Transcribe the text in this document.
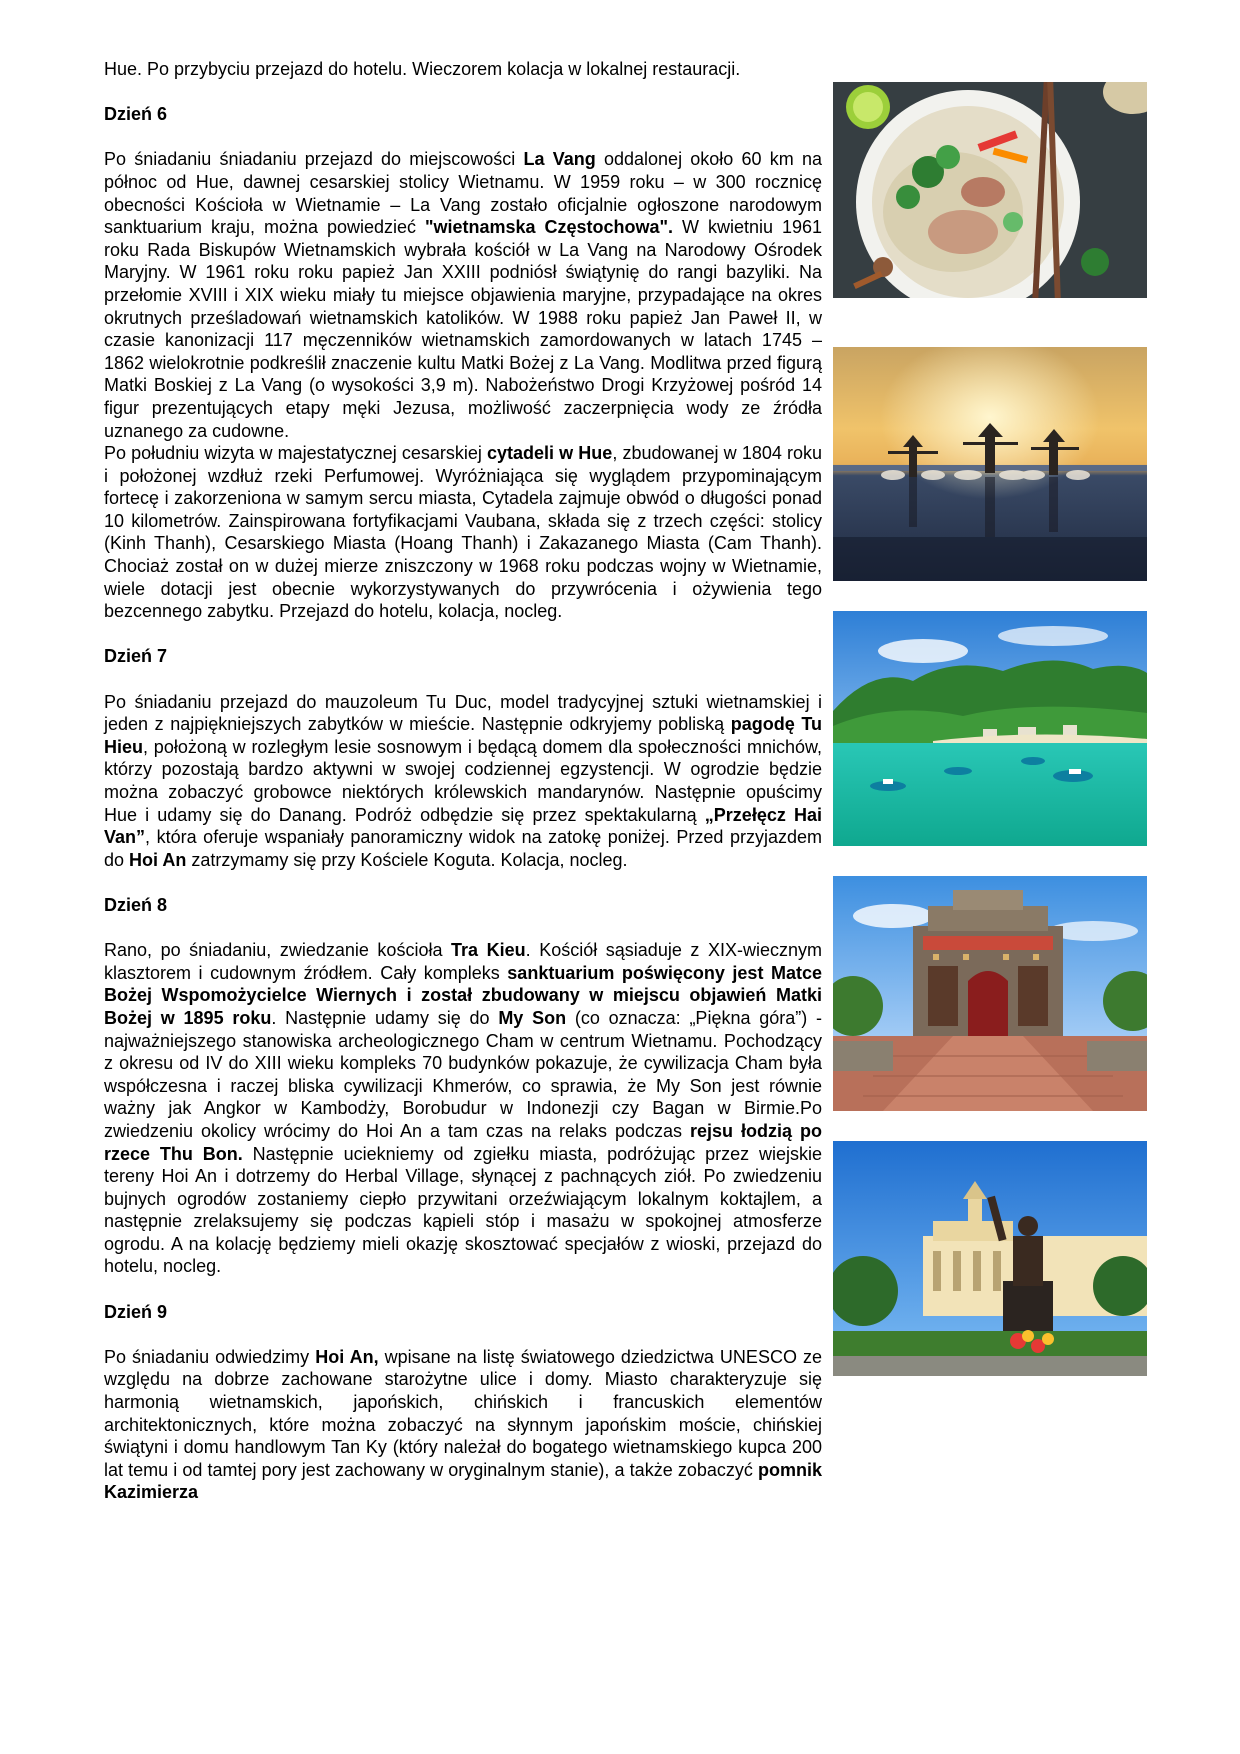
Hue. Po przybyciu przejazd do hotelu. Wieczorem kolacja w lokalnej restauracji.

Dzień 6

Po śniadaniu śniadaniu przejazd do miejscowości La Vang oddalonej około 60 km na północ od Hue, dawnej cesarskiej stolicy Wietnamu. W 1959 roku – w 300 rocznicę obecności Kościoła w Wietnamie – La Vang zostało oficjalnie ogłoszone narodowym sanktuarium kraju, można powiedzieć "wietnamska Częstochowa". W kwietniu 1961 roku Rada Biskupów Wietnamskich wybrała kościół w La Vang na Narodowy Ośrodek Maryjny. W 1961 roku roku papież Jan XXIII podniósł świątynię do rangi bazyliki. Na przełomie XVIII i XIX wieku miały tu miejsce objawienia maryjne, przypadające na okres okrutnych prześladowań wietnamskich katolików. W 1988 roku papież Jan Paweł II, w czasie kanonizacji 117 męczenników wietnamskich zamordowanych w latach 1745 – 1862 wielokrotnie podkreślił znaczenie kultu Matki Bożej z La Vang. Modlitwa przed figurą Matki Boskiej z La Vang (o wysokości 3,9 m). Nabożeństwo Drogi Krzyżowej pośród 14 figur prezentujących etapy męki Jezusa, możliwość zaczerpnięcia wody ze źródła uznanego za cudowne.

Po południu wizyta w majestatycznej cesarskiej cytadeli w Hue, zbudowanej w 1804 roku i położonej wzdłuż rzeki Perfumowej. Wyróżniająca się wyglądem przypominającym fortecę i zakorzeniona w samym sercu miasta, Cytadela zajmuje obwód o długości ponad 10 kilometrów. Zainspirowana fortyfikacjami Vaubana, składa się z trzech części: stolicy (Kinh Thanh), Cesarskiego Miasta (Hoang Thanh) i Zakazanego Miasta (Cam Thanh). Chociaż został on w dużej mierze zniszczony w 1968 roku podczas wojny w Wietnamie, wiele dotacji jest obecnie wykorzystywanych do przywrócenia i ożywienia tego bezcennego zabytku. Przejazd do hotelu, kolacja, nocleg.

Dzień 7

Po śniadaniu przejazd do mauzoleum Tu Duc, model tradycyjnej sztuki wietnamskiej i jeden z najpiękniejszych zabytków w mieście. Następnie odkryjemy pobliską pagodę Tu Hieu, położoną w rozległym lesie sosnowym i będącą domem dla społeczności mnichów, którzy pozostają bardzo aktywni w swojej codziennej egzystencji. W ogrodzie będzie można zobaczyć grobowce niektórych królewskich mandarynów. Następnie opuścimy Hue i udamy się do Danang. Podróż odbędzie się przez spektakularną „Przełęcz Hai Van”, która oferuje wspaniały panoramiczny widok na zatokę poniżej. Przed przyjazdem do Hoi An zatrzymamy się przy Kościele Koguta. Kolacja, nocleg.

Dzień 8

Rano, po śniadaniu, zwiedzanie kościoła Tra Kieu. Kościół sąsiaduje z XIX-wiecznym klasztorem i cudownym źródłem. Cały kompleks sanktuarium poświęcony jest Matce Bożej Wspomożycielce Wiernych i został zbudowany w miejscu objawień Matki Bożej w 1895 roku. Następnie udamy się do My Son (co oznacza: „Piękna góra”) - najważniejszego stanowiska archeologicznego Cham w centrum Wietnamu. Pochodzący z okresu od IV do XIII wieku kompleks 70 budynków pokazuje, że cywilizacja Cham była współczesna i raczej bliska cywilizacji Khmerów, co sprawia, że My Son jest równie ważny jak Angkor w Kambodży, Borobudur w Indonezji czy Bagan w Birmie.Po zwiedzeniu okolicy wrócimy do Hoi An a tam czas na relaks podczas rejsu łodzią po rzece Thu Bon. Następnie uciekniemy od zgiełku miasta, podróżując przez wiejskie tereny Hoi An i dotrzemy do Herbal Village, słynącej z pachnących ziół. Po zwiedzeniu bujnych ogrodów zostaniemy ciepło przywitani orzeźwiającym lokalnym koktajlem, a następnie zrelaksujemy się podczas kąpieli stóp i masażu w spokojnej atmosferze ogrodu. A na kolację będziemy mieli okazję skosztować specjałów z wioski, przejazd do hotelu, nocleg.

Dzień 9

Po śniadaniu odwiedzimy Hoi An, wpisane na listę światowego dziedzictwa UNESCO ze względu na dobrze zachowane starożytne ulice i domy. Miasto charakteryzuje się harmonią wietnamskich, japońskich, chińskich i francuskich elementów architektonicznych, które można zobaczyć na słynnym japońskim moście, chińskiej świątyni i domu handlowym Tan Ky (który należał do bogatego wietnamskiego kupca 200 lat temu i od tamtej pory jest zachowany w oryginalnym stanie), a także zobaczyć pomnik Kazimierza
